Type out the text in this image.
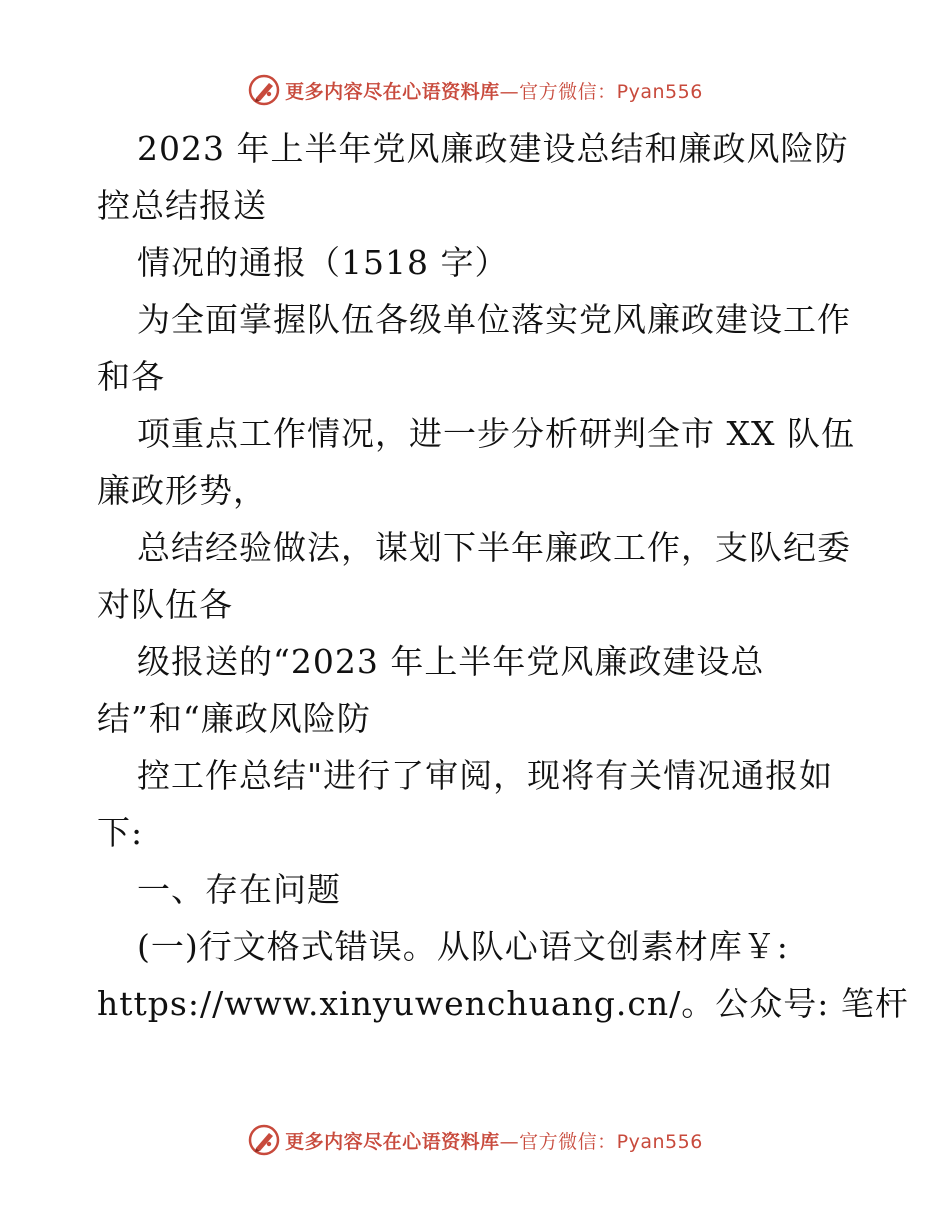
更多内容尽在心语资料库—官方微信：Pyan556
2023 年上半年党风廉政建设总结和廉政风险防
控总结报送
情况的通报（1518 字）
为全面掌握队伍各级单位落实党风廉政建设工作
和各
项重点工作情况，进一步分析研判全市 XX 队伍
廉政形势，
总结经验做法，谋划下半年廉政工作，支队纪委
对队伍各
级报送的“2023 年上半年党风廉政建设总
结”和“廉政风险防
控工作总结"进行了审阅，现将有关情况通报如
下:
一、存在问题
(一)行文格式错误。从队心语文创素材库￥:
https://www.xinyuwenchuang.cn/。公众号: 笔杆
更多内容尽在心语资料库—官方微信：Pyan556
